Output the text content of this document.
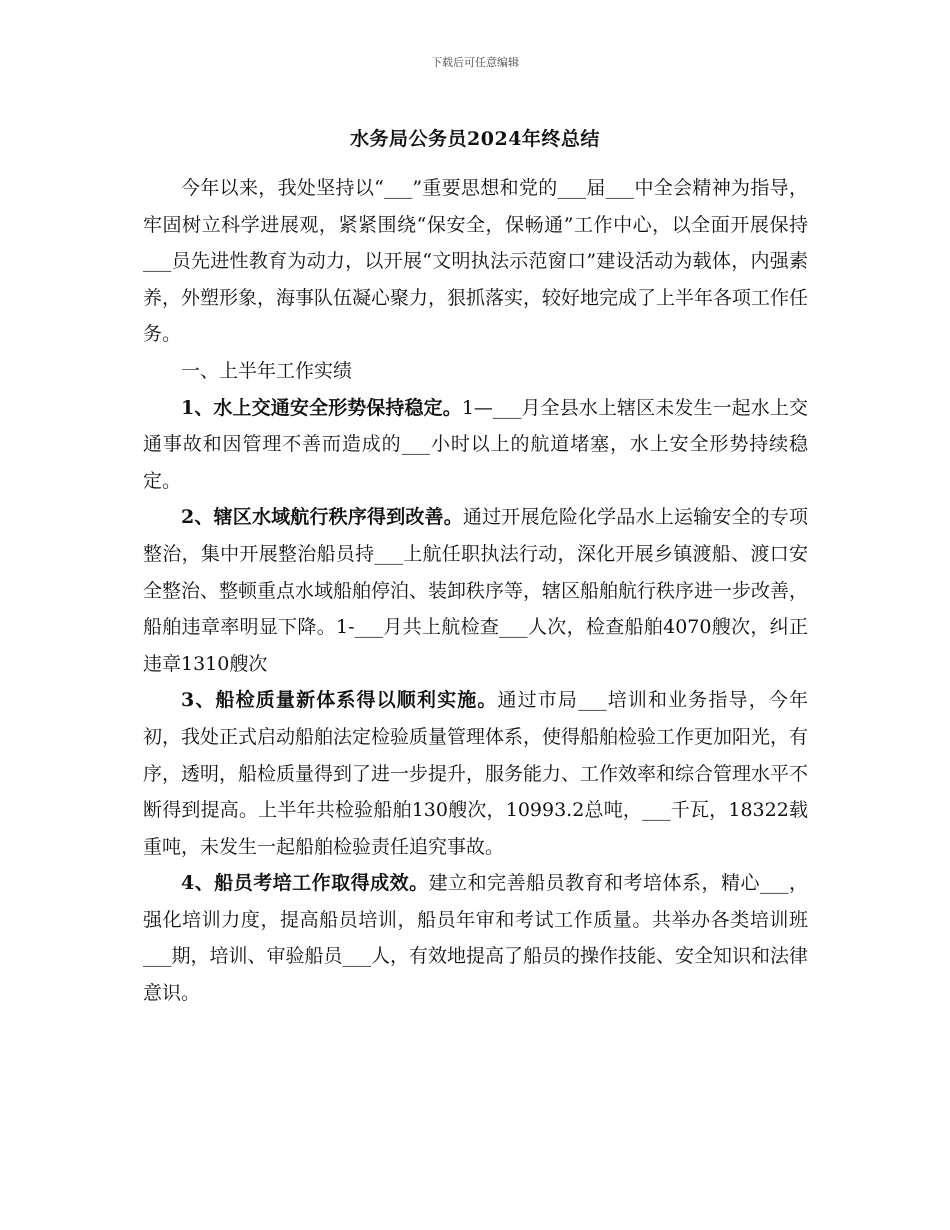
下载后可任意编辑
水务局公务员2024年终总结

今年以来，我处坚持以“___”重要思想和党的___届___中全会精神为指导，牢固树立科学进展观，紧紧围绕“保安全，保畅通”工作中心，以全面开展保持___员先进性教育为动力，以开展“文明执法示范窗口”建设活动为载体，内强素养，外塑形象，海事队伍凝心聚力，狠抓落实，较好地完成了上半年各项工作任务。

一、上半年工作实绩

1、水上交通安全形势保持稳定。1—___月全县水上辖区未发生一起水上交通事故和因管理不善而造成的___小时以上的航道堵塞，水上安全形势持续稳定。

2、辖区水域航行秩序得到改善。通过开展危险化学品水上运输安全的专项整治，集中开展整治船员持___上航任职执法行动，深化开展乡镇渡船、渡口安全整治、整顿重点水域船舶停泊、装卸秩序等，辖区船舶航行秩序进一步改善，船舶违章率明显下降。1-___月共上航检查___人次，检查船舶4070艘次，纠正违章1310艘次

3、船检质量新体系得以顺利实施。通过市局___培训和业务指导，今年初，我处正式启动船舶法定检验质量管理体系，使得船舶检验工作更加阳光，有序，透明，船检质量得到了进一步提升，服务能力、工作效率和综合管理水平不断得到提高。上半年共检验船舶130艘次，10993.2总吨，___千瓦，18322载重吨，未发生一起船舶检验责任追究事故。

4、船员考培工作取得成效。建立和完善船员教育和考培体系，精心___，强化培训力度，提高船员培训，船员年审和考试工作质量。共举办各类培训班___期，培训、审验船员___人，有效地提高了船员的操作技能、安全知识和法律意识。
